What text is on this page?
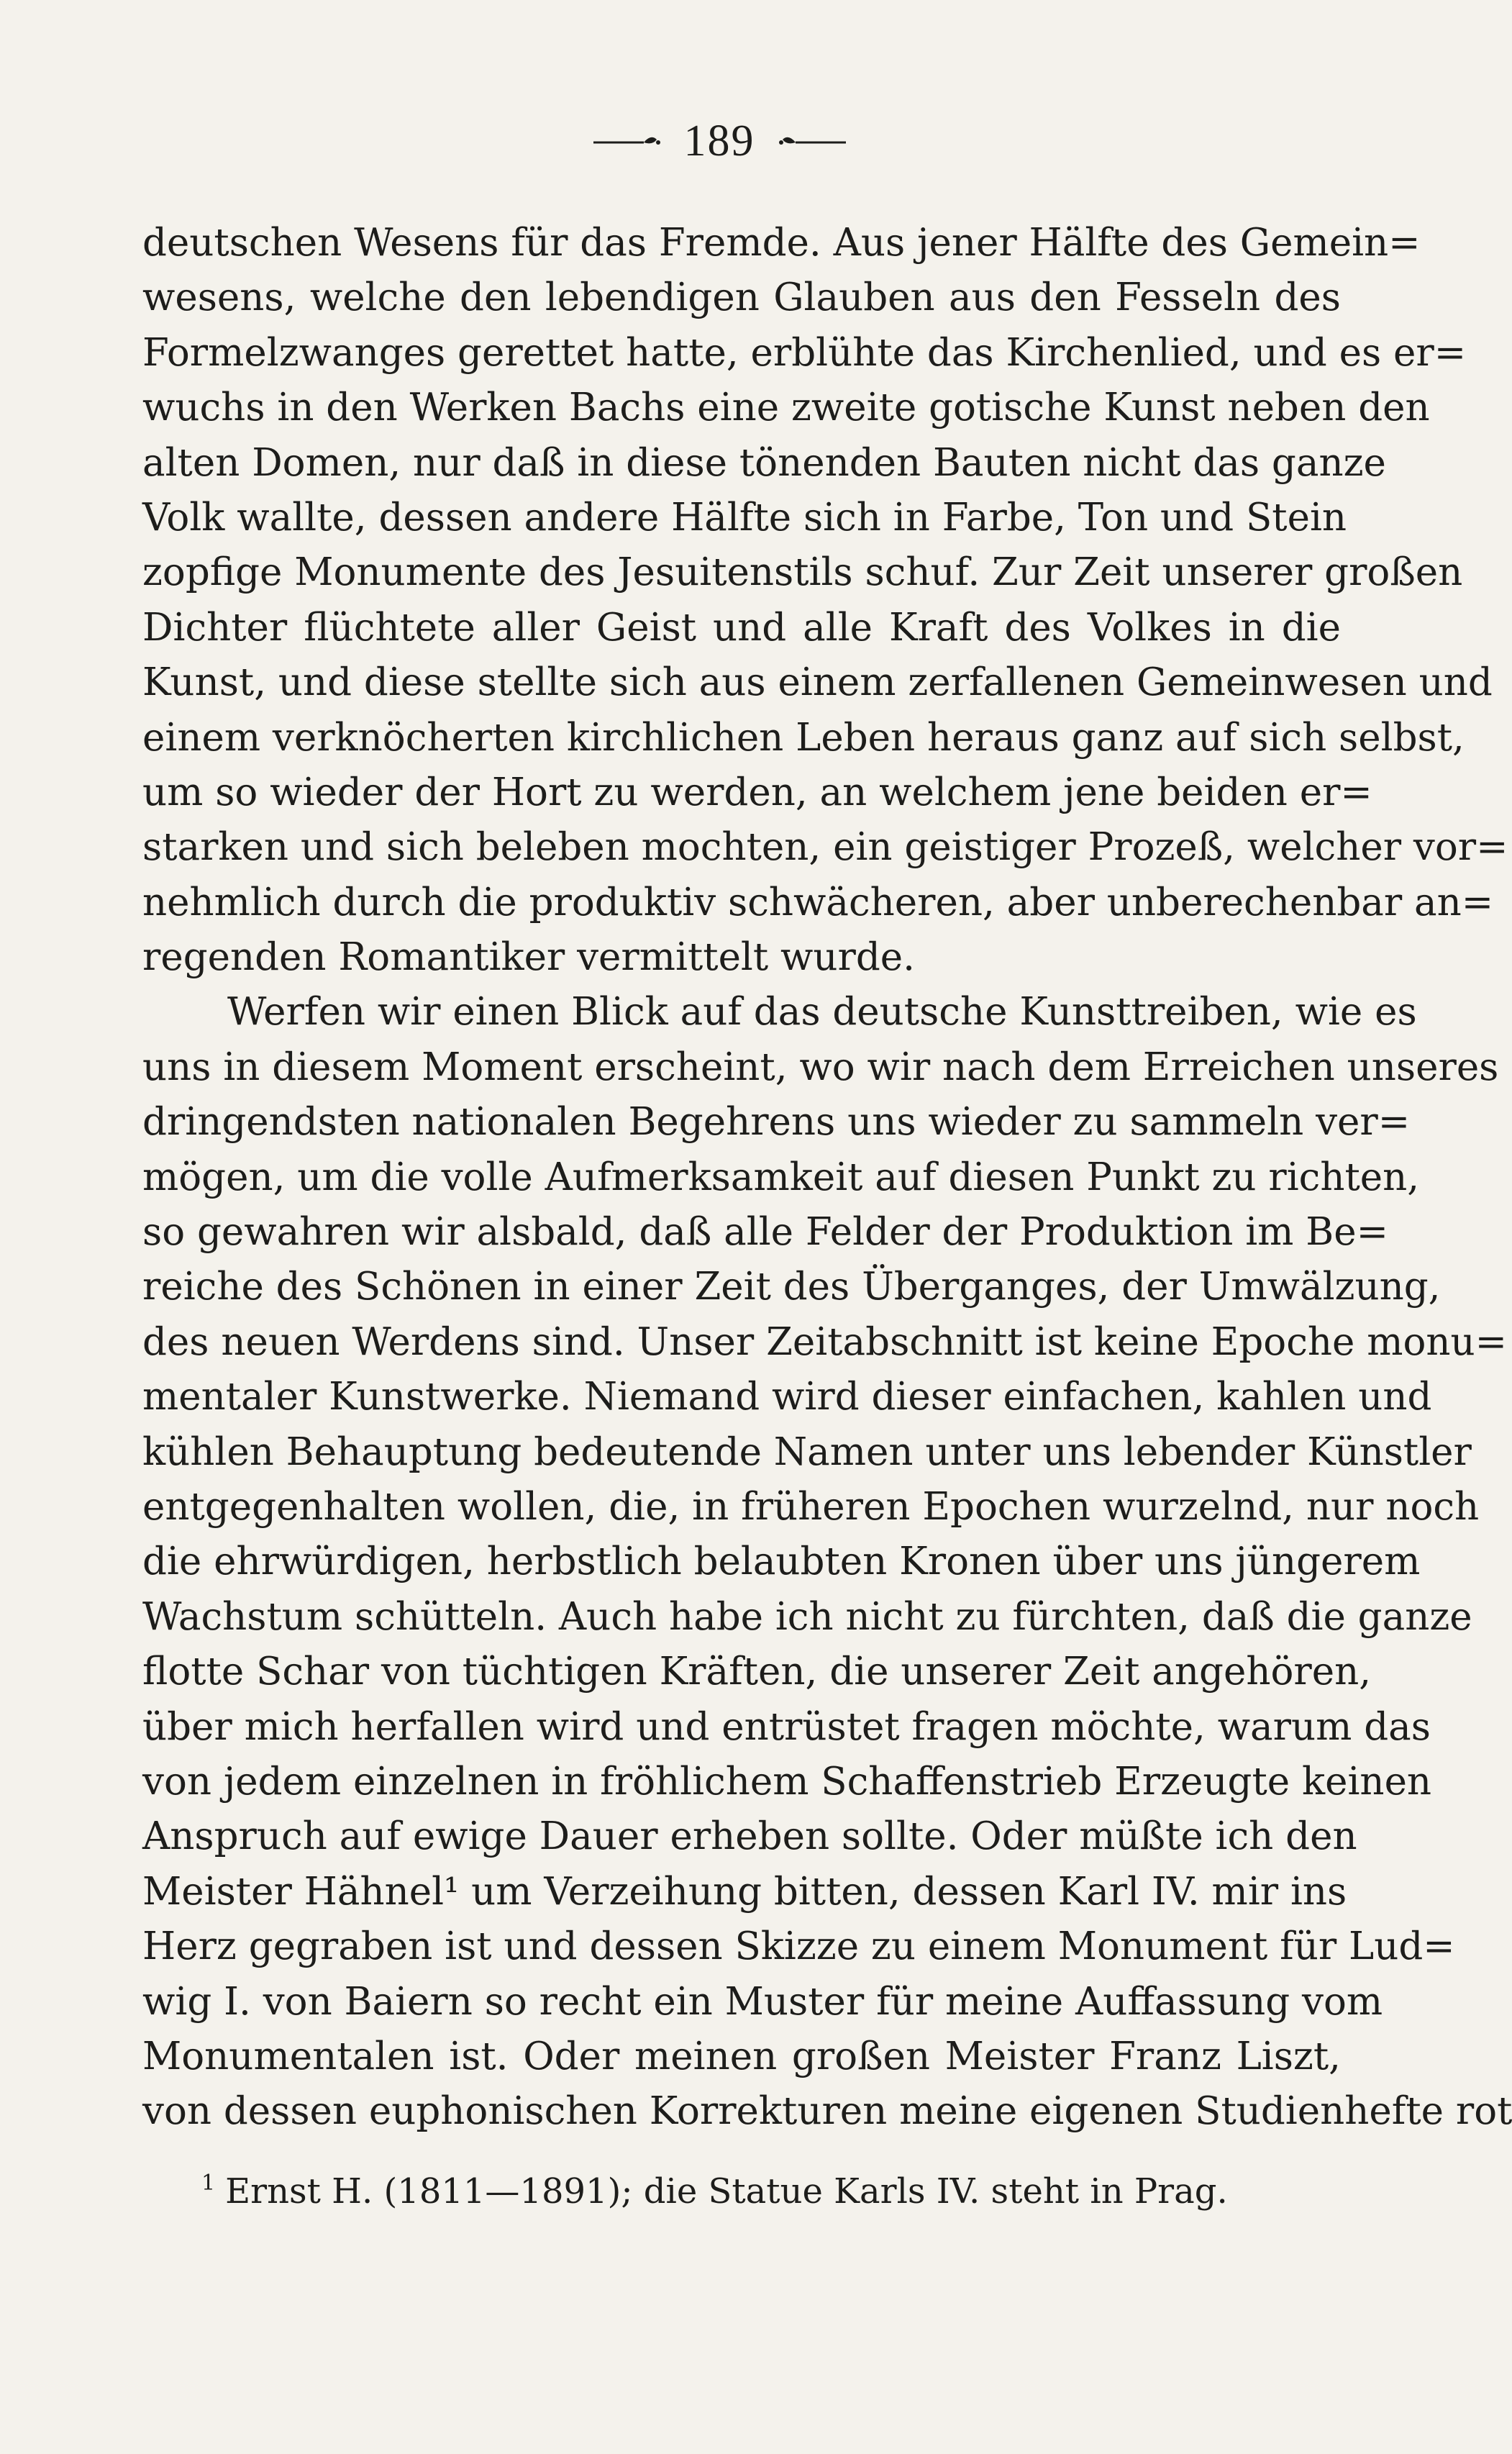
189
deutschen Wesens für das Fremde. Aus jener Hälfte des Gemein=
wesens, welche den lebendigen Glauben aus den Fesseln des
Formelzwanges gerettet hatte, erblühte das Kirchenlied, und es er=
wuchs in den Werken Bachs eine zweite gotische Kunst neben den
alten Domen, nur daß in diese tönenden Bauten nicht das ganze
Volk wallte, dessen andere Hälfte sich in Farbe, Ton und Stein
zopfige Monumente des Jesuitenstils schuf. Zur Zeit unserer großen
Dichter flüchtete aller Geist und alle Kraft des Volkes in die
Kunst, und diese stellte sich aus einem zerfallenen Gemeinwesen und
einem verknöcherten kirchlichen Leben heraus ganz auf sich selbst,
um so wieder der Hort zu werden, an welchem jene beiden er=
starken und sich beleben mochten, ein geistiger Prozeß, welcher vor=
nehmlich durch die produktiv schwächeren, aber unberechenbar an=
regenden Romantiker vermittelt wurde.
Werfen wir einen Blick auf das deutsche Kunsttreiben, wie es
uns in diesem Moment erscheint, wo wir nach dem Erreichen unseres
dringendsten nationalen Begehrens uns wieder zu sammeln ver=
mögen, um die volle Aufmerksamkeit auf diesen Punkt zu richten,
so gewahren wir alsbald, daß alle Felder der Produktion im Be=
reiche des Schönen in einer Zeit des Überganges, der Umwälzung,
des neuen Werdens sind. Unser Zeitabschnitt ist keine Epoche monu=
mentaler Kunstwerke. Niemand wird dieser einfachen, kahlen und
kühlen Behauptung bedeutende Namen unter uns lebender Künstler
entgegenhalten wollen, die, in früheren Epochen wurzelnd, nur noch
die ehrwürdigen, herbstlich belaubten Kronen über uns jüngerem
Wachstum schütteln. Auch habe ich nicht zu fürchten, daß die ganze
flotte Schar von tüchtigen Kräften, die unserer Zeit angehören,
über mich herfallen wird und entrüstet fragen möchte, warum das
von jedem einzelnen in fröhlichem Schaffenstrieb Erzeugte keinen
Anspruch auf ewige Dauer erheben sollte. Oder müßte ich den
Meister Hähnel¹ um Verzeihung bitten, dessen Karl IV. mir ins
Herz gegraben ist und dessen Skizze zu einem Monument für Lud=
wig I. von Baiern so recht ein Muster für meine Auffassung vom
Monumentalen ist. Oder meinen großen Meister Franz Liszt,
von dessen euphonischen Korrekturen meine eigenen Studienhefte rot
$^1$ Ernst H. (1811—1891); die Statue Karls IV. steht in Prag.
